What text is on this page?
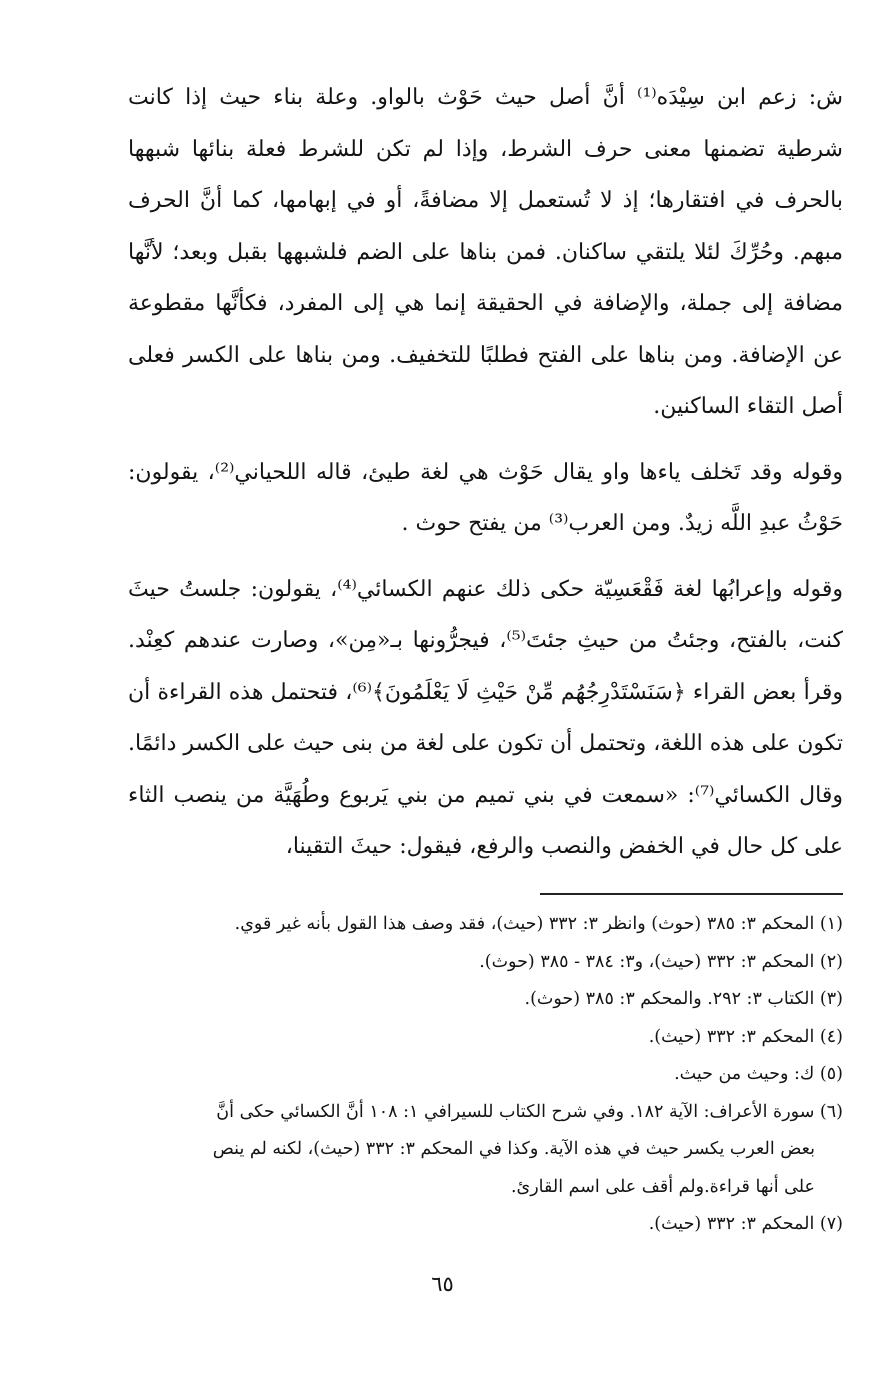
ش: زعم ابن سِيْدَه⁽¹⁾ أنَّ أصل حيث حَوْث بالواو. وعلة بناء حيث إذا كانت شرطية تضمنها معنى حرف الشرط، وإذا لم تكن للشرط فعلة بنائها شبهها بالحرف في افتقارها؛ إذ لا تُستعمل إلا مضافةً، أو في إبهامها، كما أنَّ الحرف مبهم. وحُرِّكَ لئلا يلتقي ساكنان. فمن بناها على الضم فلشبهها بقبل وبعد؛ لأنَّها مضافة إلى جملة، والإضافة في الحقيقة إنما هي إلى المفرد، فكأنَّها مقطوعة عن الإضافة. ومن بناها على الفتح فطلبًا للتخفيف. ومن بناها على الكسر فعلى أصل التقاء الساكنين.

وقوله وقد تَخلف ياءها واو يقال حَوْث هي لغة طيئ، قاله اللحياني⁽²⁾، يقولون: حَوْثُ عبدِ اللَّه زيدٌ. ومن العرب⁽³⁾ من يفتح حوث .

وقوله وإعرابُها لغة فَقْعَسِيّة حكى ذلك عنهم الكسائي⁽⁴⁾، يقولون: جلستُ حيثَ كنت، بالفتح، وجئتُ من حيثِ جئتَ⁽⁵⁾، فيجرُّونها بـ«مِن»، وصارت عندهم كعِنْد. وقرأ بعض القراء ﴿سَنَسْتَدْرِجُهُم مِّنْ حَيْثِ لَا يَعْلَمُونَ﴾⁽⁶⁾، فتحتمل هذه القراءة أن تكون على هذه اللغة، وتحتمل أن تكون على لغة من بنى حيث على الكسر دائمًا. وقال الكسائي⁽⁷⁾: «سمعت في بني تميم من بني يَربوع وطُهَيَّة من ينصب الثاء على كل حال في الخفض والنصب والرفع، فيقول: حيثَ التقينا،

(١) المحكم ٣: ٣٨٥ (حوث) وانظر ٣: ٣٣٢ (حيث)، فقد وصف هذا القول بأنه غير قوي.
(٢) المحكم ٣: ٣٣٢ (حيث)، و٣: ٣٨٤ - ٣٨٥ (حوث).
(٣) الكتاب ٣: ٢٩٢. والمحكم ٣: ٣٨٥ (حوث).
(٤) المحكم ٣: ٣٣٢ (حيث).
(٥) ك: وحيث من حيث.
(٦) سورة الأعراف: الآية ١٨٢. وفي شرح الكتاب للسيرافي ١: ١٠٨ أنَّ الكسائي حكى أنَّ
بعض العرب يكسر حيث في هذه الآية. وكذا في المحكم ٣: ٣٣٢ (حيث)، لكنه لم ينص
على أنها قراءة.ولم أقف على اسم القارئ.
(٧) المحكم ٣: ٣٣٢ (حيث).
٦٥
